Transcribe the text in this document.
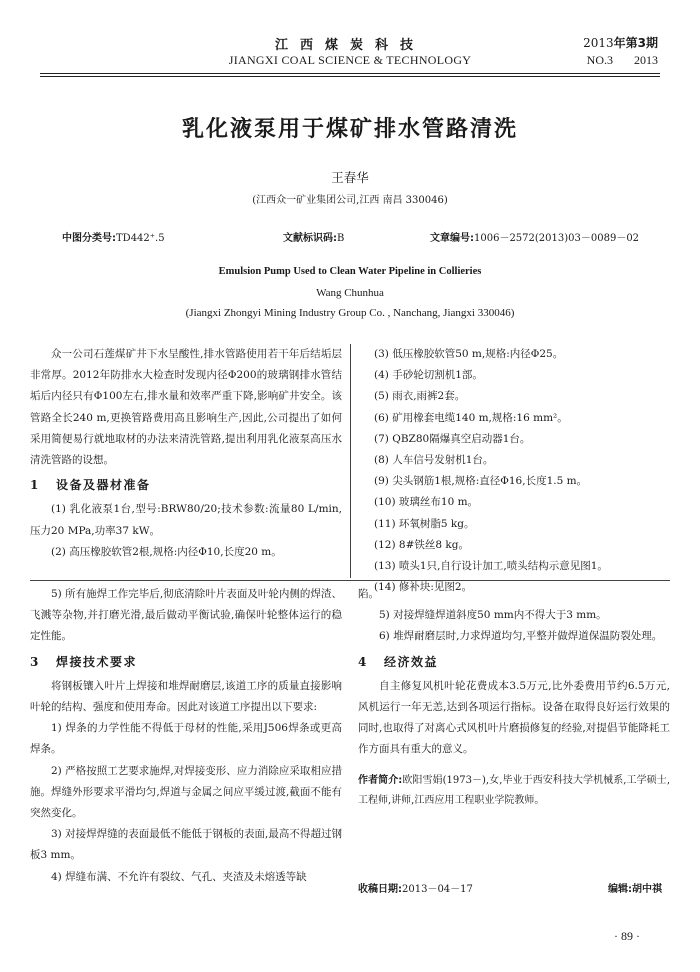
江西煤炭科技
JIANGXI COAL SCIENCE & TECHNOLOGY
2013年第3期
NO.3 2013
乳化液泵用于煤矿排水管路清洗
王春华
(江西众一矿业集团公司,江西 南昌 330046)
中图分类号:TD442⁺.5	文献标识码:B	文章编号:1006－2572(2013)03－0089－02
Emulsion Pump Used to Clean Water Pipeline in Collieries
Wang Chunhua
(Jiangxi Zhongyi Mining Industry Group Co. , Nanchang, Jiangxi 330046)

众一公司石莲煤矿井下水呈酸性,排水管路使用若干年后结垢层非常厚。2012年防排水大检查时发现内径Φ200的玻璃钢排水管结垢后内径只有Φ100左右,排水量和效率严重下降,影响矿井安全。该管路全长240 m,更换管路费用高且影响生产,因此,公司提出了如何采用简便易行就地取材的办法来清洗管路,提出利用乳化液泵高压水清洗管路的设想。

1 设备及器材准备

(1) 乳化液泵1台,型号:BRW80/20;技术参数:流量80 L/min,压力20 MPa,功率37 kW。

(2) 高压橡胶软管2根,规格:内径Φ10,长度20 m。

(3) 低压橡胶软管50 m,规格:内径Φ25。

(4) 手砂轮切割机1部。

(5) 雨衣,雨裤2套。

(6) 矿用橡套电缆140 m,规格:16 mm²。

(7) QBZ80隔爆真空启动器1台。

(8) 人车信号发射机1台。

(9) 尖头钢筋1根,规格:直径Φ16,长度1.5 m。

(10) 玻璃丝布10 m。

(11) 环氧树脂5 kg。

(12) 8#铁丝8 kg。

(13) 喷头1只,自行设计加工,喷头结构示意见图1。

(14) 修补块:见图2。

5) 所有施焊工作完毕后,彻底清除叶片表面及叶轮内侧的焊渣、飞溅等杂物,并打磨光滑,最后做动平衡试验,确保叶轮整体运行的稳定性能。

3 焊接技术要求

将钢板镶入叶片上焊接和堆焊耐磨层,该道工序的质量直接影响叶轮的结构、强度和使用寿命。因此对该道工序提出以下要求:

1) 焊条的力学性能不得低于母材的性能,采用J506焊条或更高焊条。

2) 严格按照工艺要求施焊,对焊接变形、应力消除应采取相应措施。焊缝外形要求平滑均匀,焊道与金属之间应平缓过渡,截面不能有突然变化。

3) 对接焊焊缝的表面最低不能低于钢板的表面,最高不得超过钢板3 mm。

4) 焊缝布满、不允许有裂纹、气孔、夹渣及未熔透等缺

陷。

5) 对接焊缝焊道斜度50 mm内不得大于3 mm。

6) 堆焊耐磨层时,力求焊道均匀,平整并做焊道保温防裂处理。

4 经济效益

自主修复风机叶轮花费成本3.5万元,比外委费用节约6.5万元,风机运行一年无恙,达到各项运行指标。设备在取得良好运行效果的同时,也取得了对离心式风机叶片磨损修复的经验,对提倡节能降耗工作方面具有重大的意义。

作者简介:欧阳雪娟(1973－),女,毕业于西安科技大学机械系,工学硕士,工程师,讲师,江西应用工程职业学院教师。

收稿日期:2013－04－17	编辑:胡中祺
· 89 ·
